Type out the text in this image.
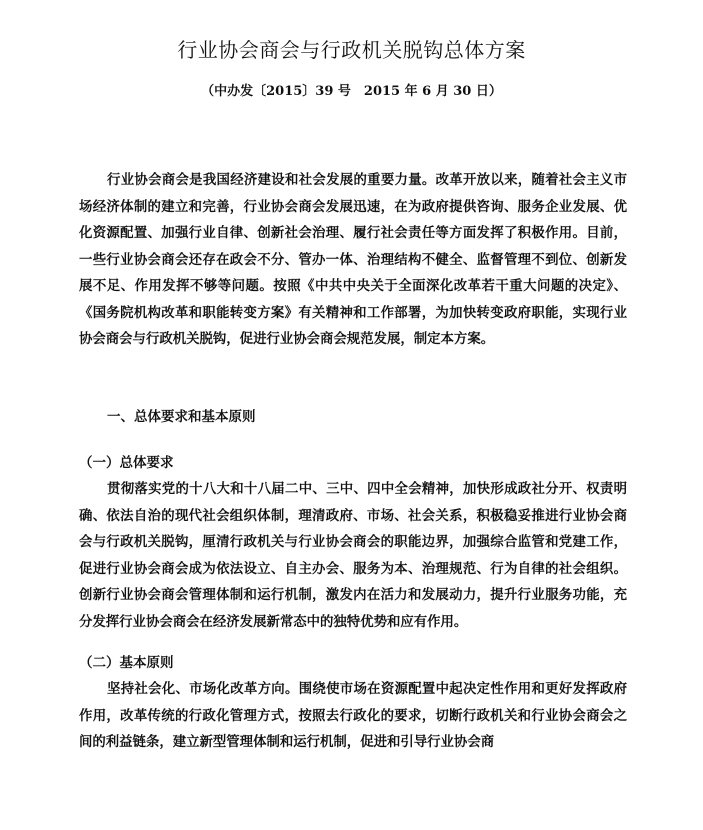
行业协会商会与行政机关脱钩总体方案
（中办发〔2015〕39 号　2015 年 6 月 30 日）

行业协会商会是我国经济建设和社会发展的重要力量。改革开放以来，随着社会主义市场经济体制的建立和完善，行业协会商会发展迅速，在为政府提供咨询、服务企业发展、优化资源配置、加强行业自律、创新社会治理、履行社会责任等方面发挥了积极作用。目前，一些行业协会商会还存在政会不分、管办一体、治理结构不健全、监督管理不到位、创新发展不足、作用发挥不够等问题。按照《中共中央关于全面深化改革若干重大问题的决定》、《国务院机构改革和职能转变方案》有关精神和工作部署，为加快转变政府职能，实现行业协会商会与行政机关脱钩，促进行业协会商会规范发展，制定本方案。

一、总体要求和基本原则
（一）总体要求

贯彻落实党的十八大和十八届二中、三中、四中全会精神，加快形成政社分开、权责明确、依法自治的现代社会组织体制，理清政府、市场、社会关系，积极稳妥推进行业协会商会与行政机关脱钩，厘清行政机关与行业协会商会的职能边界，加强综合监管和党建工作，促进行业协会商会成为依法设立、自主办会、服务为本、治理规范、行为自律的社会组织。创新行业协会商会管理体制和运行机制，激发内在活力和发展动力，提升行业服务功能，充分发挥行业协会商会在经济发展新常态中的独特优势和应有作用。

（二）基本原则

坚持社会化、市场化改革方向。围绕使市场在资源配置中起决定性作用和更好发挥政府作用，改革传统的行政化管理方式，按照去行政化的要求，切断行政机关和行业协会商会之间的利益链条，建立新型管理体制和运行机制，促进和引导行业协会商
